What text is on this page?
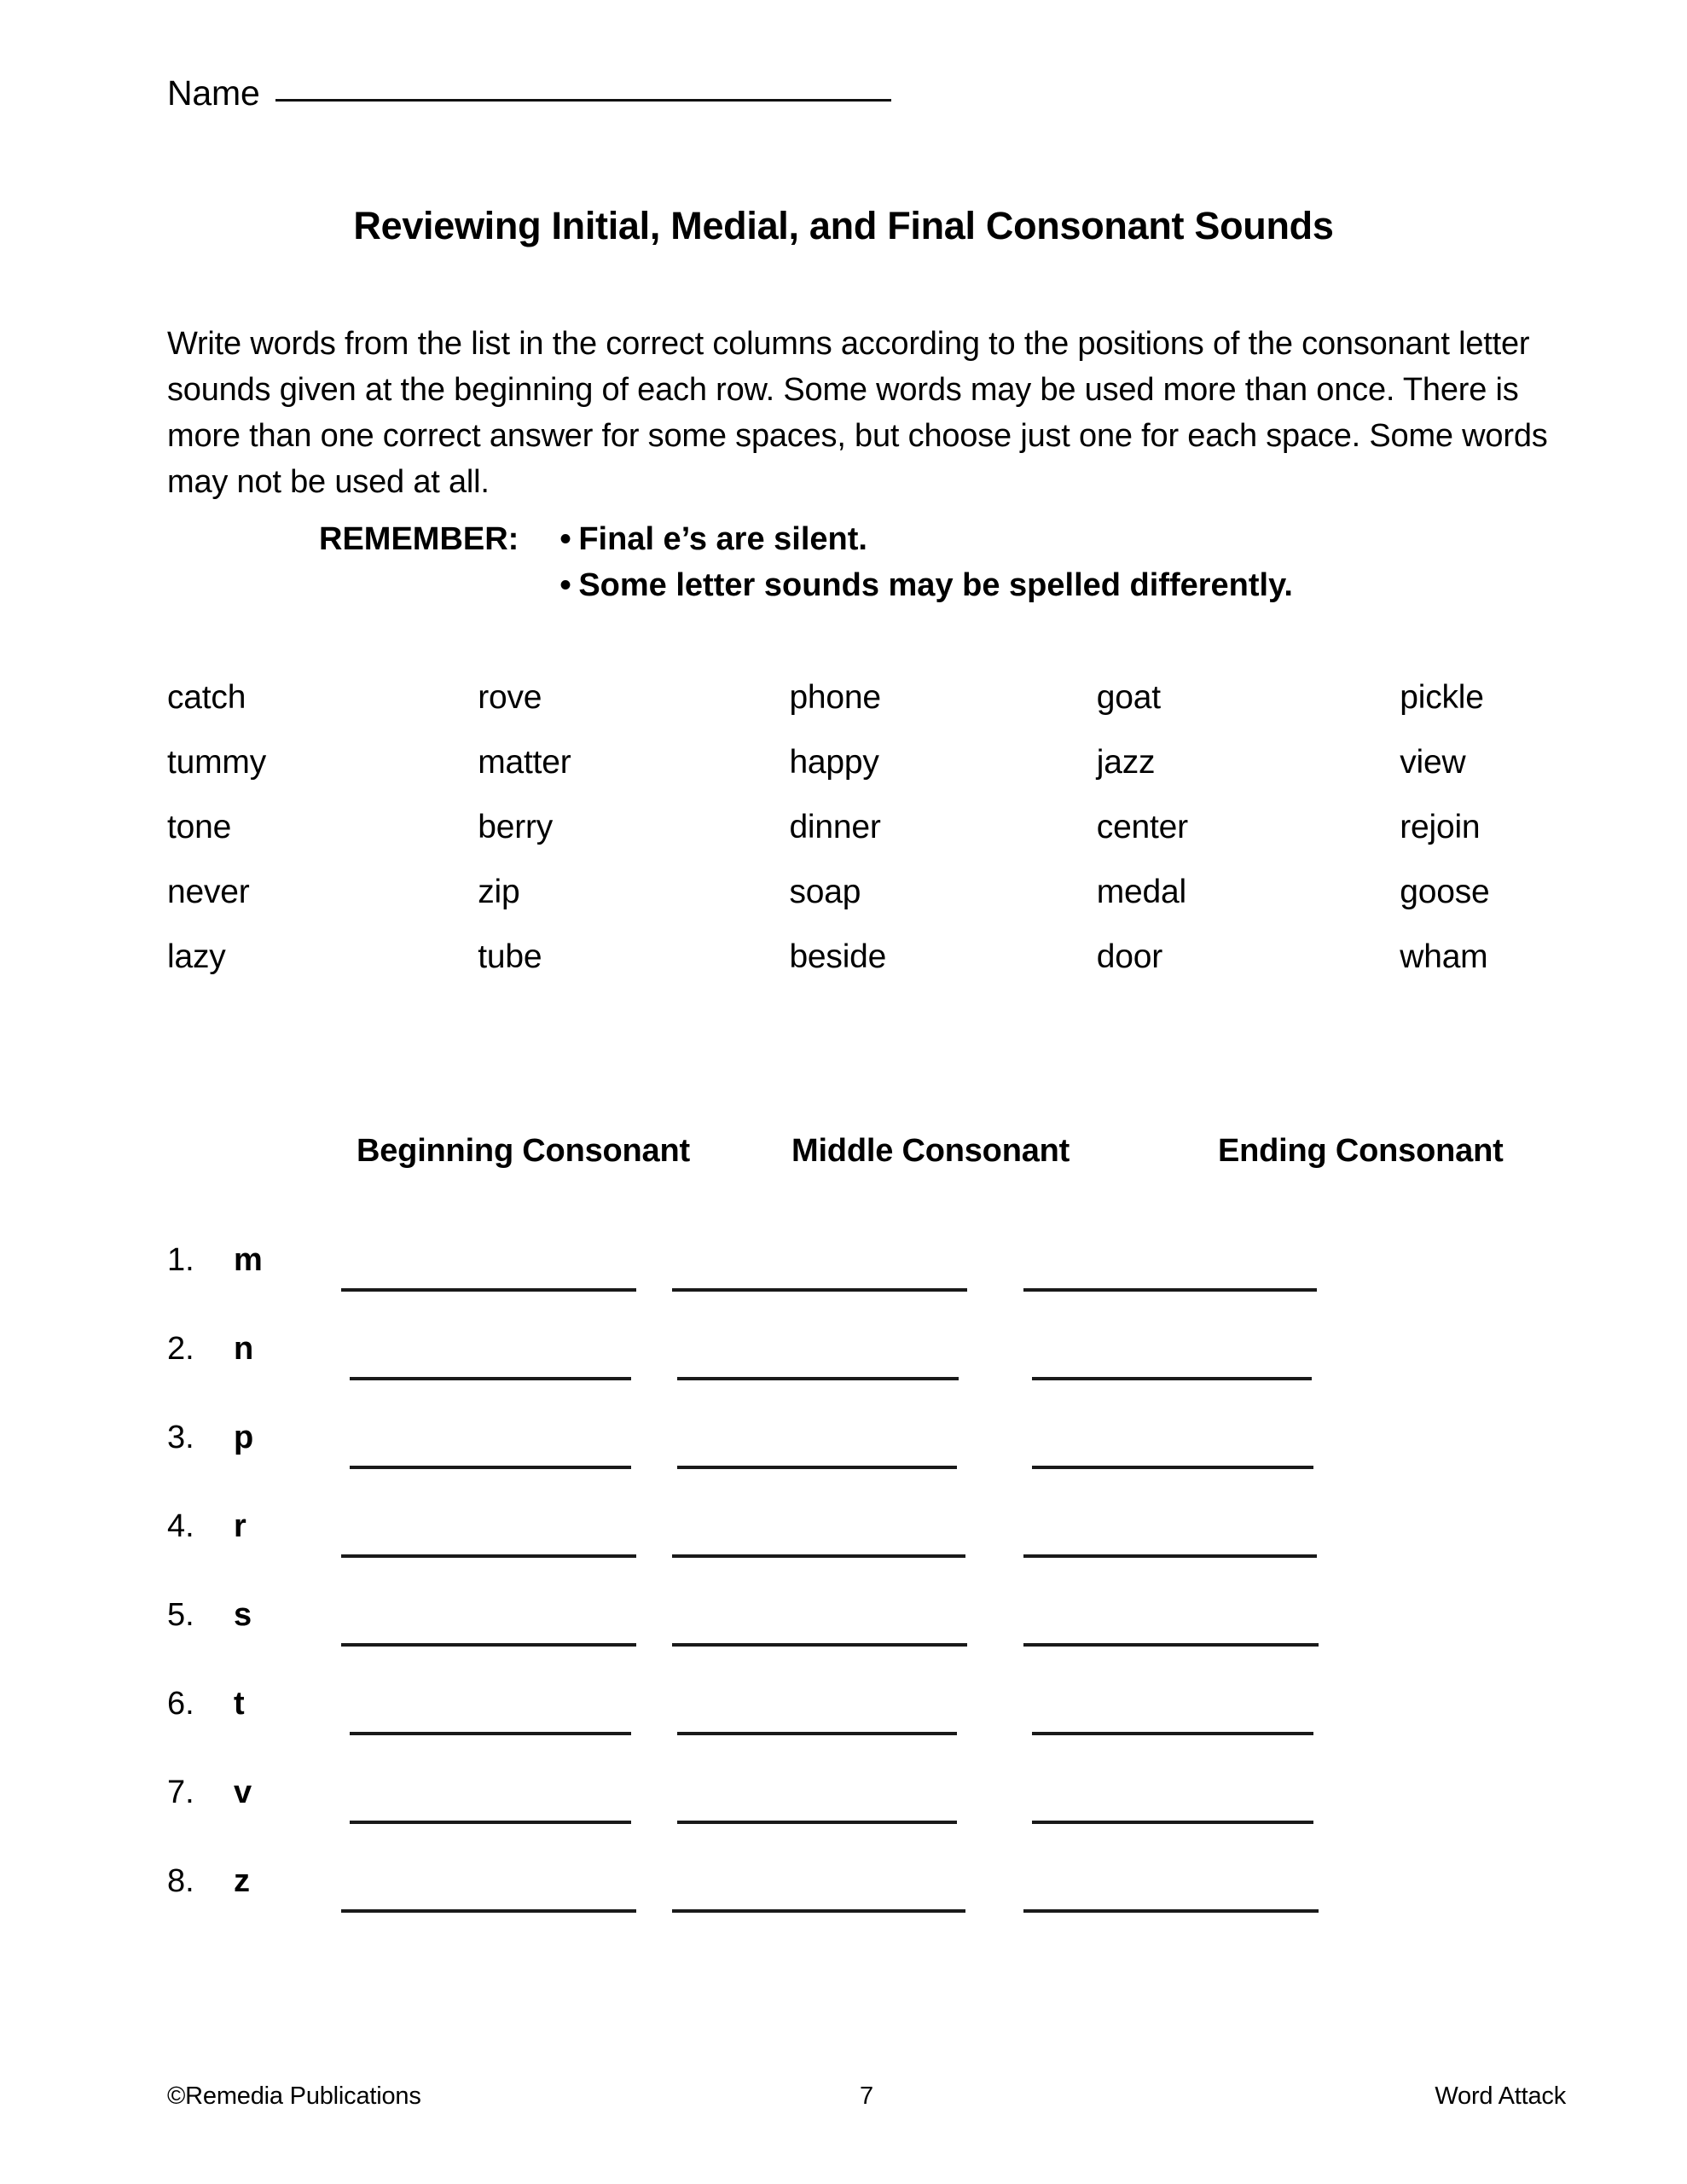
Name
Reviewing Initial, Medial, and Final Consonant Sounds
Write words from the list in the correct columns according to the positions of the consonant letter sounds given at the beginning of each row. Some words may be used more than once. There is more than one correct answer for some spaces, but choose just one for each space. Some words may not be used at all.
REMEMBER: • Final e’s are silent.
• Some letter sounds may be spelled differently.
catch	rove	phone	goat	pickle
tummy	matter	happy	jazz	view
tone	berry	dinner	center	rejoin
never	zip	soap	medal	goose
lazy	tube	beside	door	wham
Beginning Consonant	Middle Consonant	Ending Consonant
1.	m
2.	n
3.	p
4.	r
5.	s
6.	t
7.	v
8.	z
©Remedia Publications	7	Word Attack
